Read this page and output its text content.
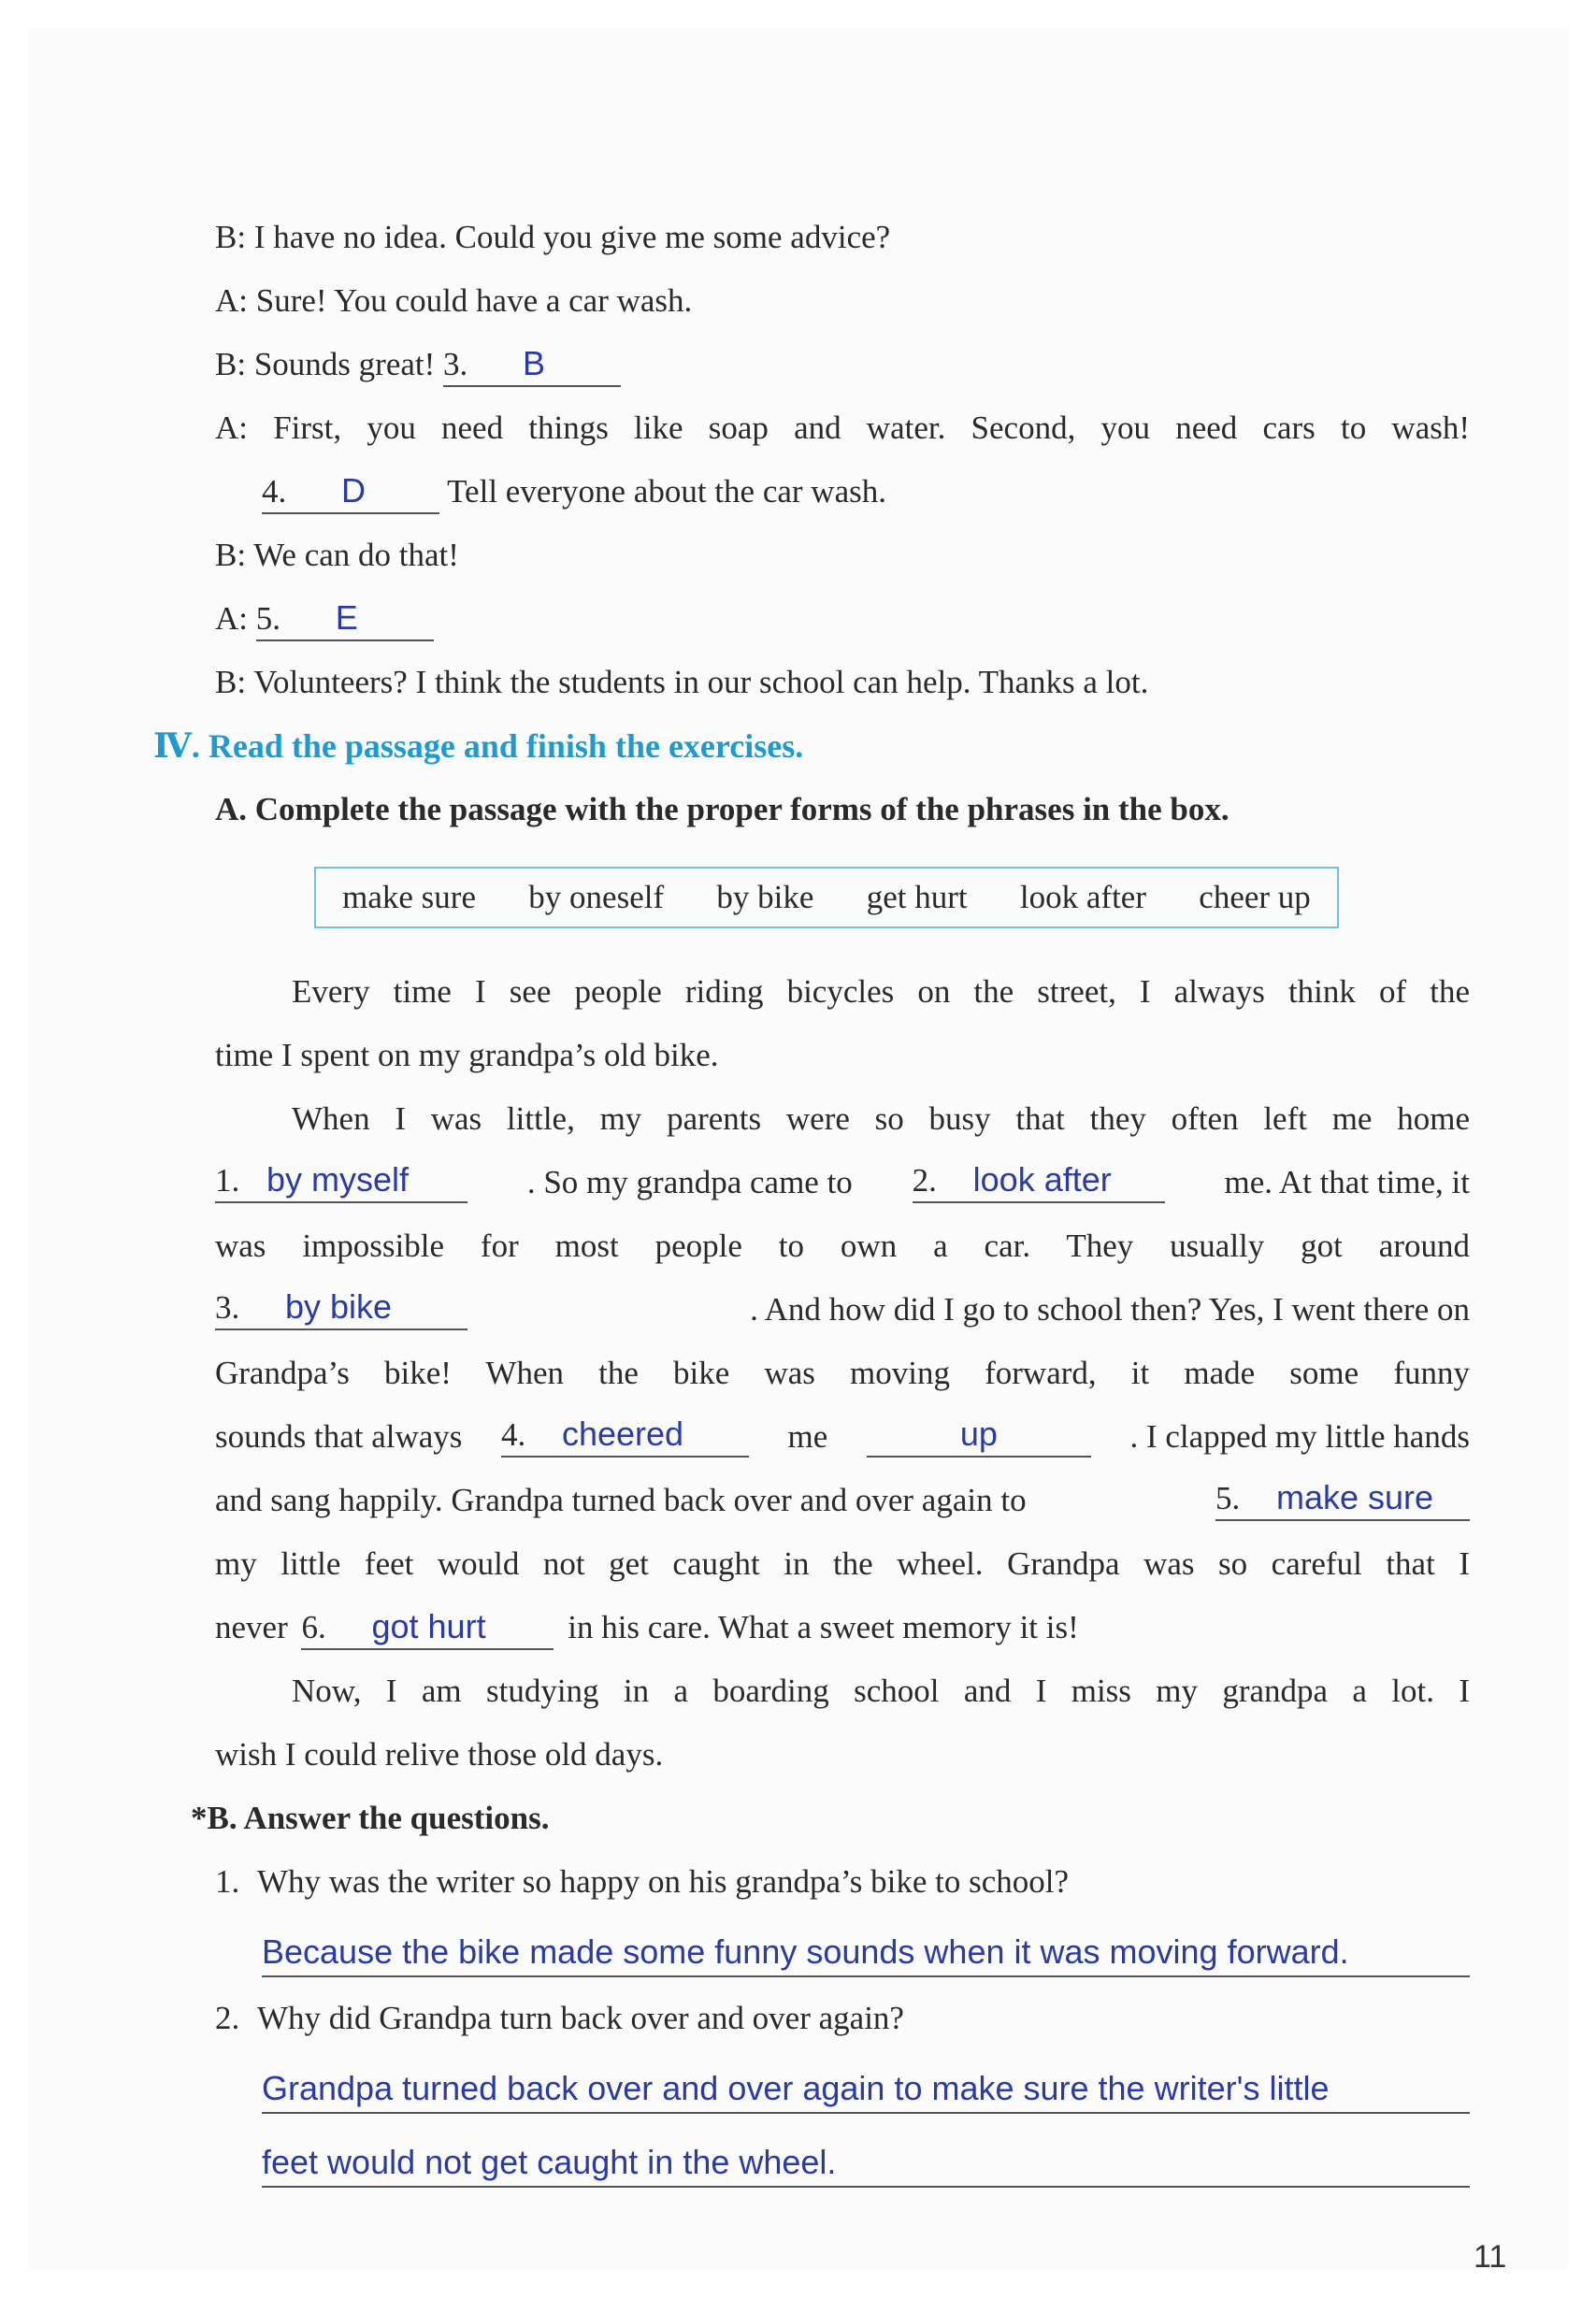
B: I have no idea. Could you give me some advice?
A: Sure! You could have a car wash.
B: Sounds great! 3. B
A: First, you need things like soap and water. Second, you need cars to wash!
4. D Tell everyone about the car wash.
B: We can do that!
A: 5. E
B: Volunteers? I think the students in our school can help. Thanks a lot.
Ⅳ. Read the passage and finish the exercises.
A. Complete the passage with the proper forms of the phrases in the box.
make sure by oneself by bike get hurt look after cheer up
Every time I see people riding bicycles on the street, I always think of the
time I spent on my grandpa’s old bike.
When I was little, my parents were so busy that they often left me home
1. by myself	. So my grandpa came to 2. look after	me. At that time, it
was impossible for most people to own a car. They usually got around
3. by bike	. And how did I go to school then? Yes, I went there on
Grandpa’s bike! When the bike was moving forward, it made some funny
sounds that always 4. cheered	me	up	. I clapped my little hands
and sang happily. Grandpa turned back over and over again to	5. make sure
my little feet would not get caught in the wheel. Grandpa was so careful that I
never 6. got hurt	in his care. What a sweet memory it is!
Now, I am studying in a boarding school and I miss my grandpa a lot. I
wish I could relive those old days.
*B. Answer the questions.
1. Why was the writer so happy on his grandpa’s bike to school?
Because the bike made some funny sounds when it was moving forward.
2. Why did Grandpa turn back over and over again?
Grandpa turned back over and over again to make sure the writer's little
feet would not get caught in the wheel.
11
